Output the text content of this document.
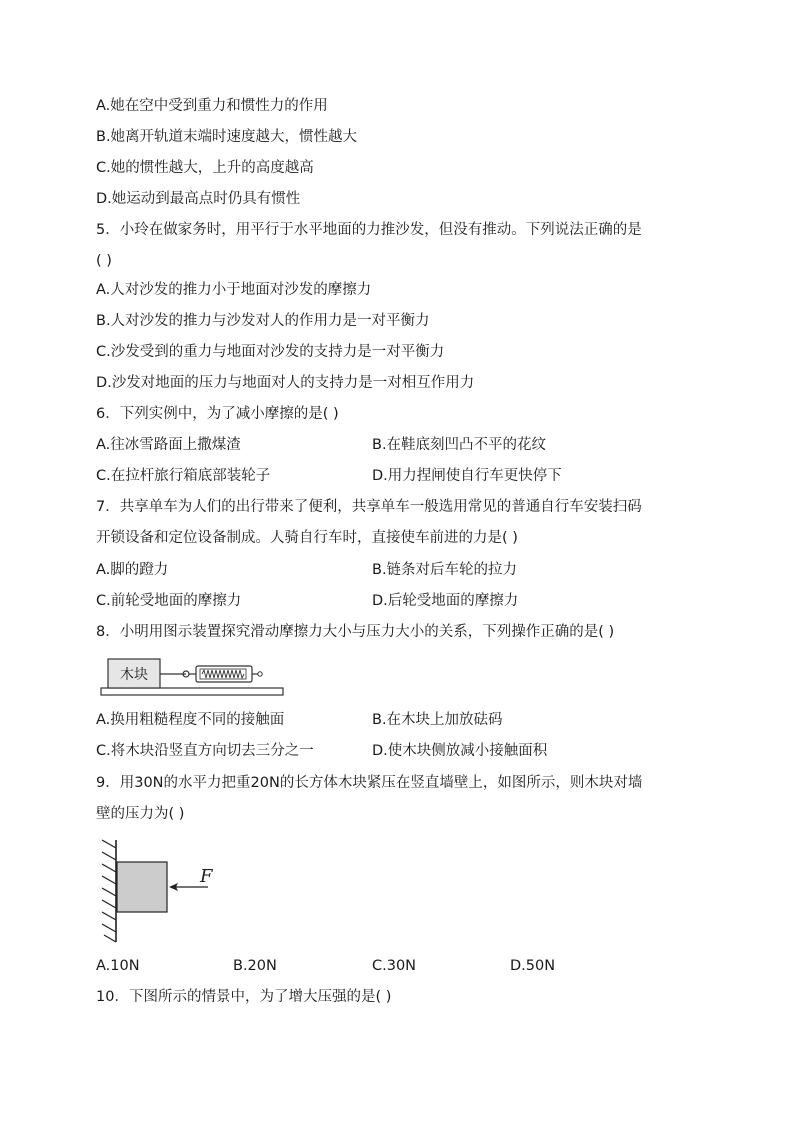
A.她在空中受到重力和惯性力的作用
B.她离开轨道末端时速度越大，惯性越大
C.她的惯性越大，上升的高度越高
D.她运动到最高点时仍具有惯性
5．小玲在做家务时，用平行于水平地面的力推沙发，但没有推动。下列说法正确的是
( )
A.人对沙发的推力小于地面对沙发的摩擦力
B.人对沙发的推力与沙发对人的作用力是一对平衡力
C.沙发受到的重力与地面对沙发的支持力是一对平衡力
D.沙发对地面的压力与地面对人的支持力是一对相互作用力
6．下列实例中，为了减小摩擦的是( )
A.往冰雪路面上撒煤渣	B.在鞋底刻凹凸不平的花纹
C.在拉杆旅行箱底部装轮子	D.用力捏闸使自行车更快停下
7．共享单车为人们的出行带来了便利，共享单车一般选用常见的普通自行车安装扫码
开锁设备和定位设备制成。人骑自行车时，直接使车前进的力是( )
A.脚的蹬力	B.链条对后车轮的拉力
C.前轮受地面的摩擦力	D.后轮受地面的摩擦力
8．小明用图示装置探究滑动摩擦力大小与压力大小的关系，下列操作正确的是( )
木块
A.换用粗糙程度不同的接触面	B.在木块上加放砝码
C.将木块沿竖直方向切去三分之一	D.使木块侧放减小接触面积
9．用30N的水平力把重20N的长方体木块紧压在竖直墙壁上，如图所示，则木块对墙
壁的压力为( )
F
A.10N	B.20N	C.30N	D.50N
10．下图所示的情景中，为了增大压强的是( )
